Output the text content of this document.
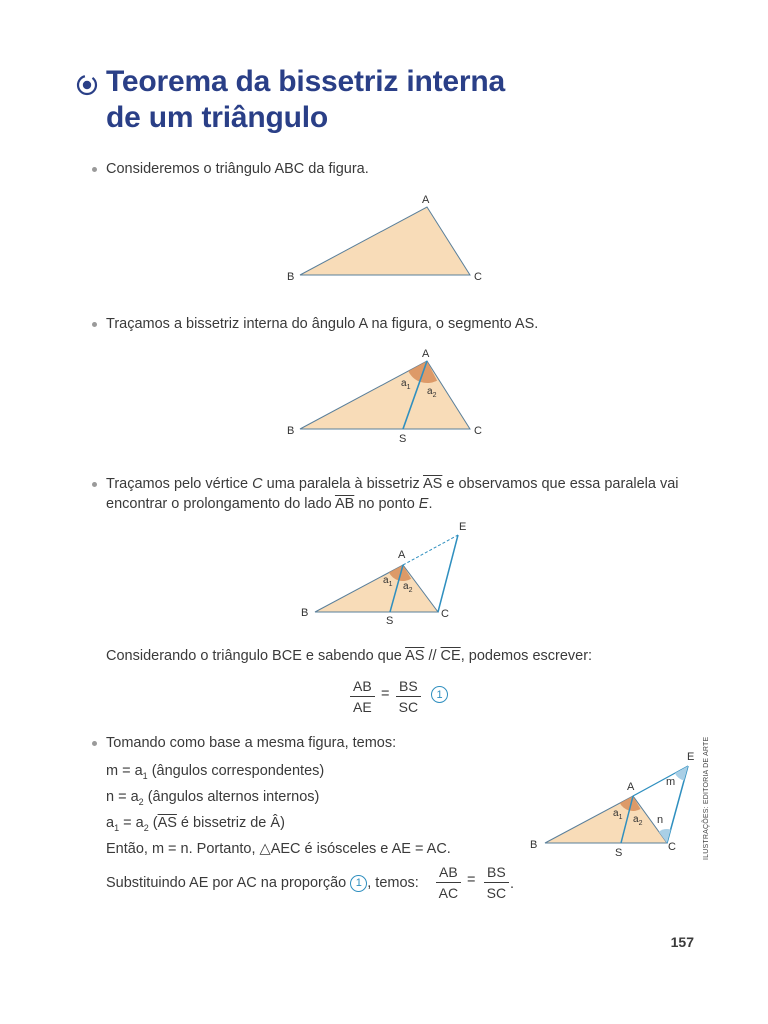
Teorema da bissetriz interna
de um triângulo
Consideremos o triângulo ABC da figura.
A
B	C
Traçamos a bissetriz interna do ângulo A na figura, o segmento AS.
A
B	C
S
$a_1$ $a_2$
Traçamos pelo vértice C uma paralela à bissetriz $\overline{AS}$ e observamos que essa paralela vai
encontrar o prolongamento do lado $\overline{AB}$ no ponto E.
A
B	C
S
E
$a_1$ $a_2$
Considerando o triângulo BCE e sabendo que $\overline{AS} // \overline{CE}$, podemos escrever:
$\frac{AB}{AE} = \frac{BS}{SC}$	1
Tomando como base a mesma figura, temos:
$m = a_1$ (ângulos correspondentes)
$n = a_2$ (ângulos alternos internos)
$a_1 = a_2$ ($\overline{AS}$ é bissetriz de Â)
Então, m = n. Portanto, △AEC é isósceles e AE = AC.
Substituindo AE por AC na proporção 1 , temos: $\frac{AB}{AC} = \frac{BS}{SC}$ .
E
A
B	C
S
m
n
$a_1$ $a_2$	ILUSTRAÇÕES: EDITORIA DE ARTE
157
